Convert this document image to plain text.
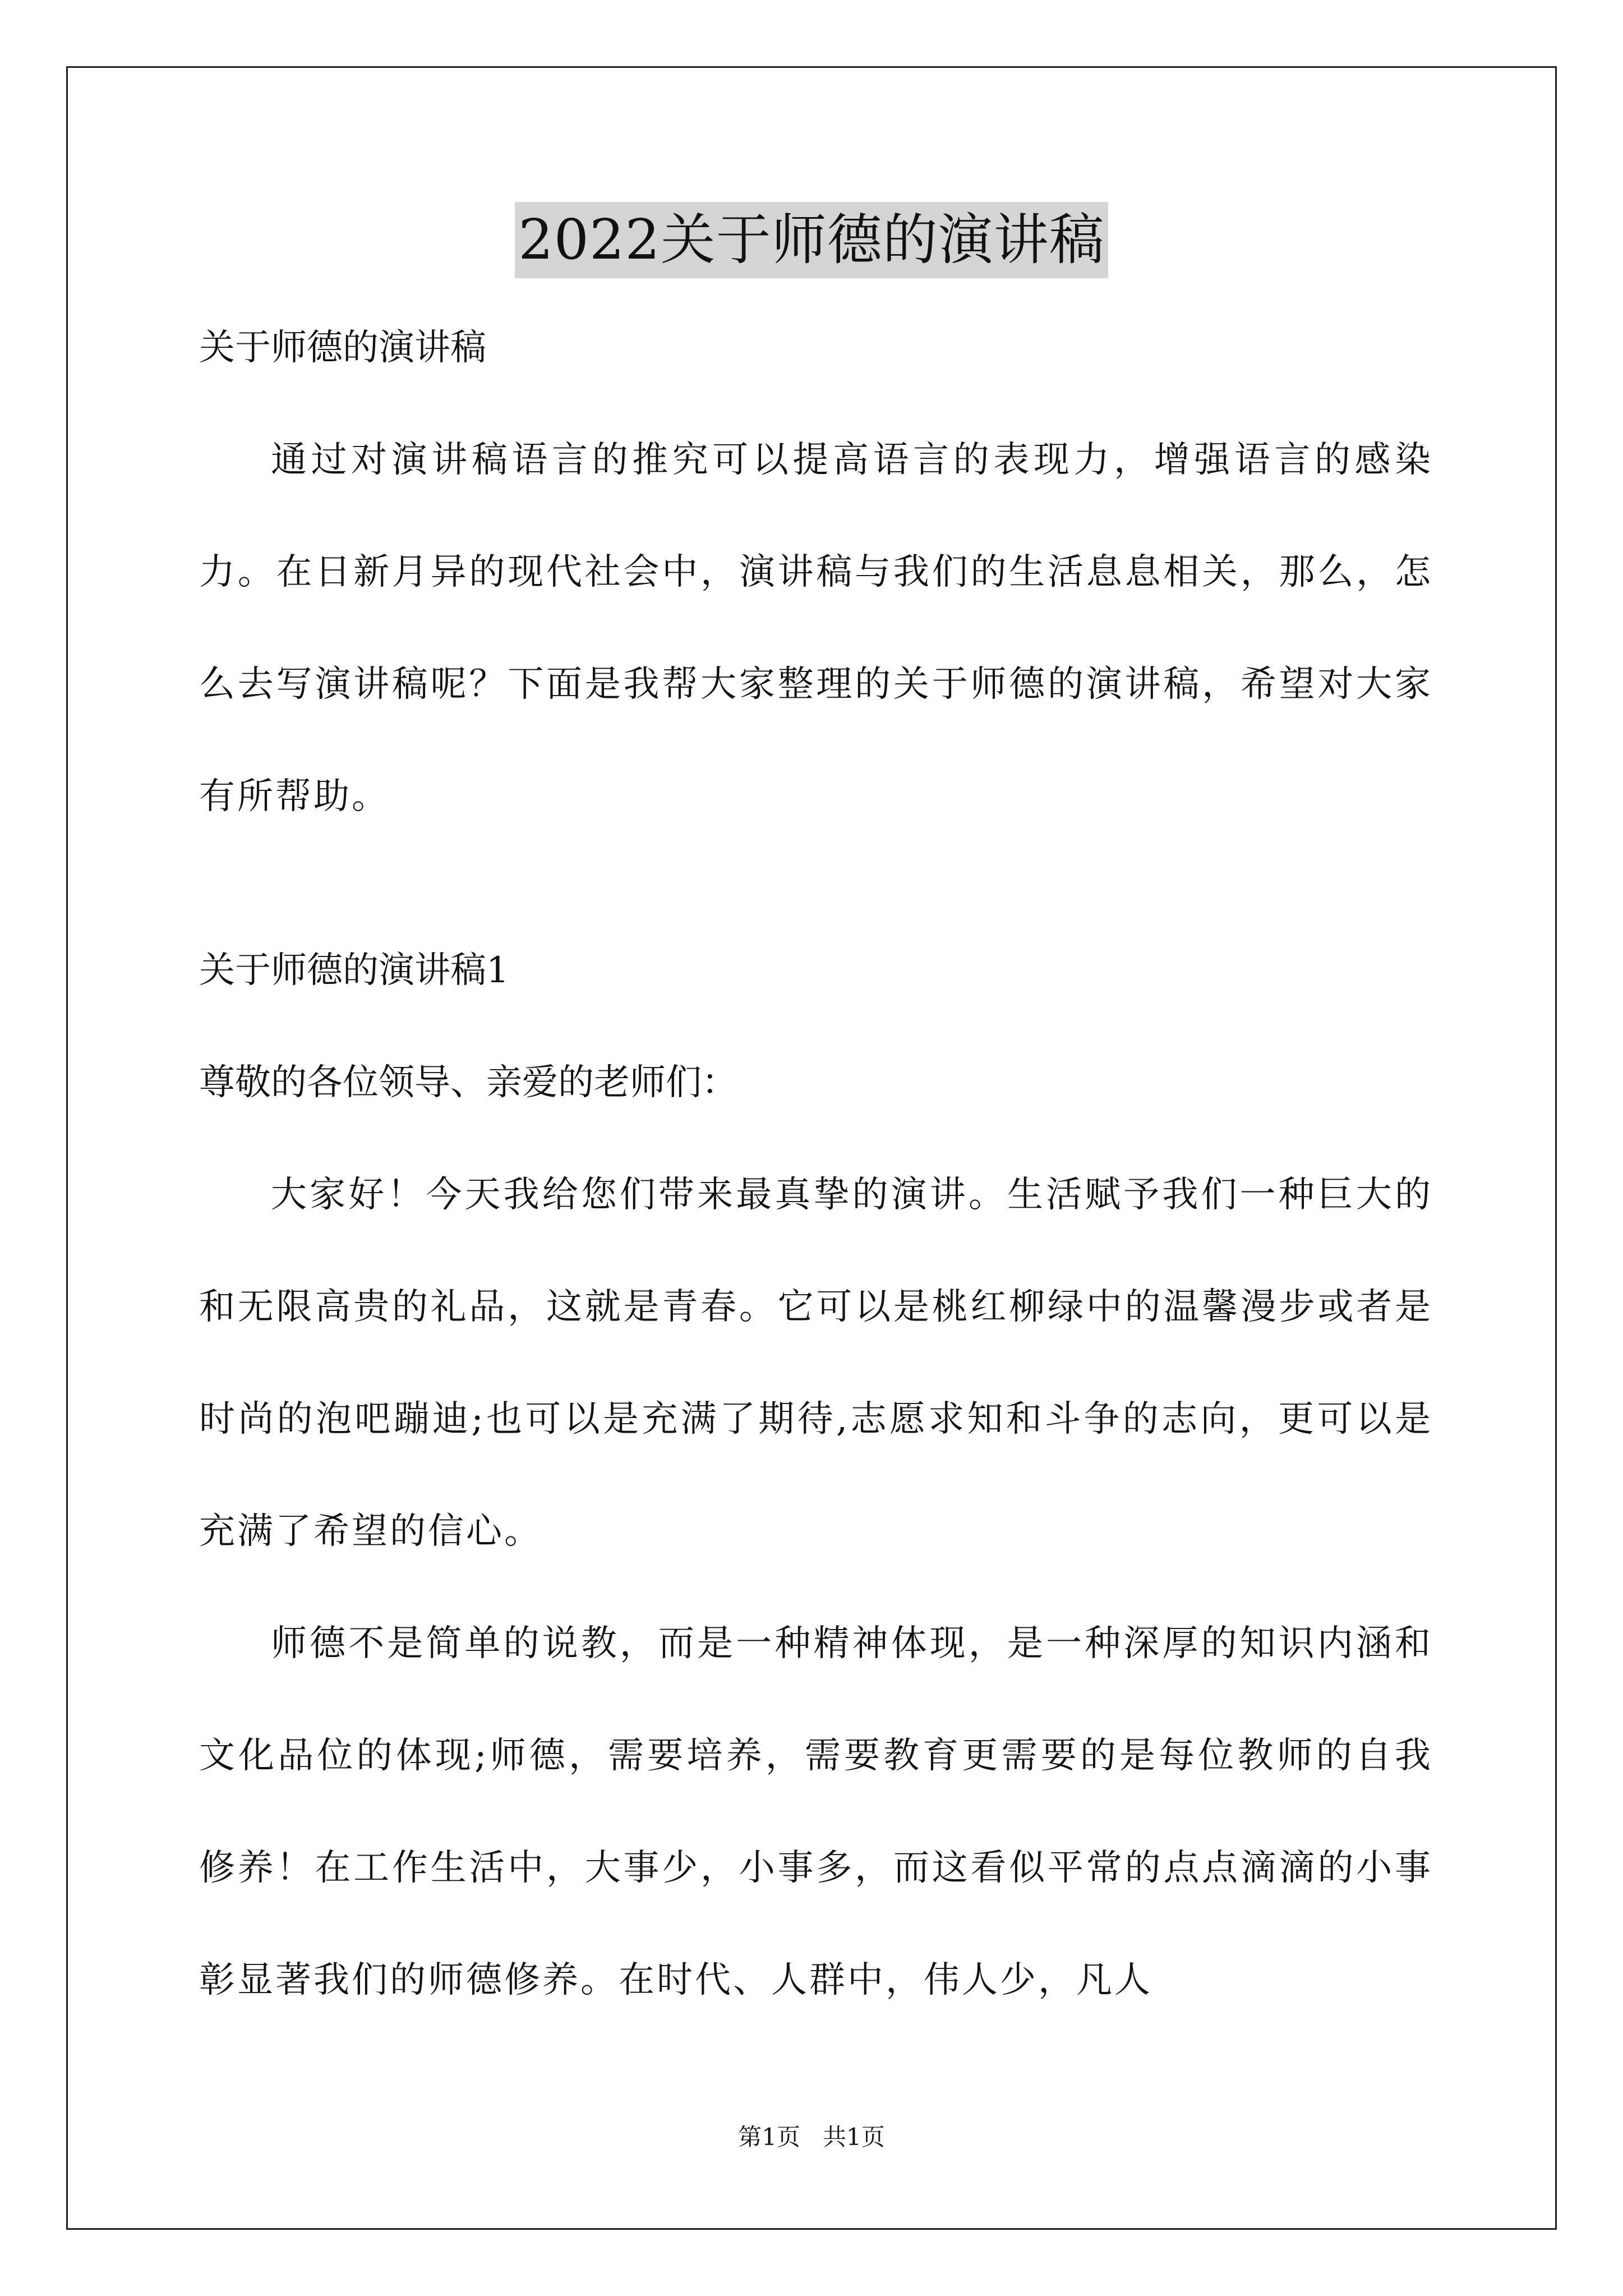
2022关于师德的演讲稿
关于师德的演讲稿
通过对演讲稿语言的推究可以提高语言的表现力，增强语言的感染力。在日新月异的现代社会中，演讲稿与我们的生活息息相关，那么，怎么去写演讲稿呢？下面是我帮大家整理的关于师德的演讲稿，希望对大家有所帮助。
关于师德的演讲稿1
尊敬的各位领导、亲爱的老师们：
大家好！今天我给您们带来最真挚的演讲。生活赋予我们一种巨大的和无限高贵的礼品，这就是青春。它可以是桃红柳绿中的温馨漫步或者是时尚的泡吧蹦迪;也可以是充满了期待,志愿求知和斗争的志向，更可以是充满了希望的信心。
师德不是简单的说教，而是一种精神体现，是一种深厚的知识内涵和文化品位的体现;师德，需要培养，需要教育更需要的是每位教师的自我修养！在工作生活中，大事少，小事多，而这看似平常的点点滴滴的小事彰显著我们的师德修养。在时代、人群中，伟人少，凡人
第1页   共1页
